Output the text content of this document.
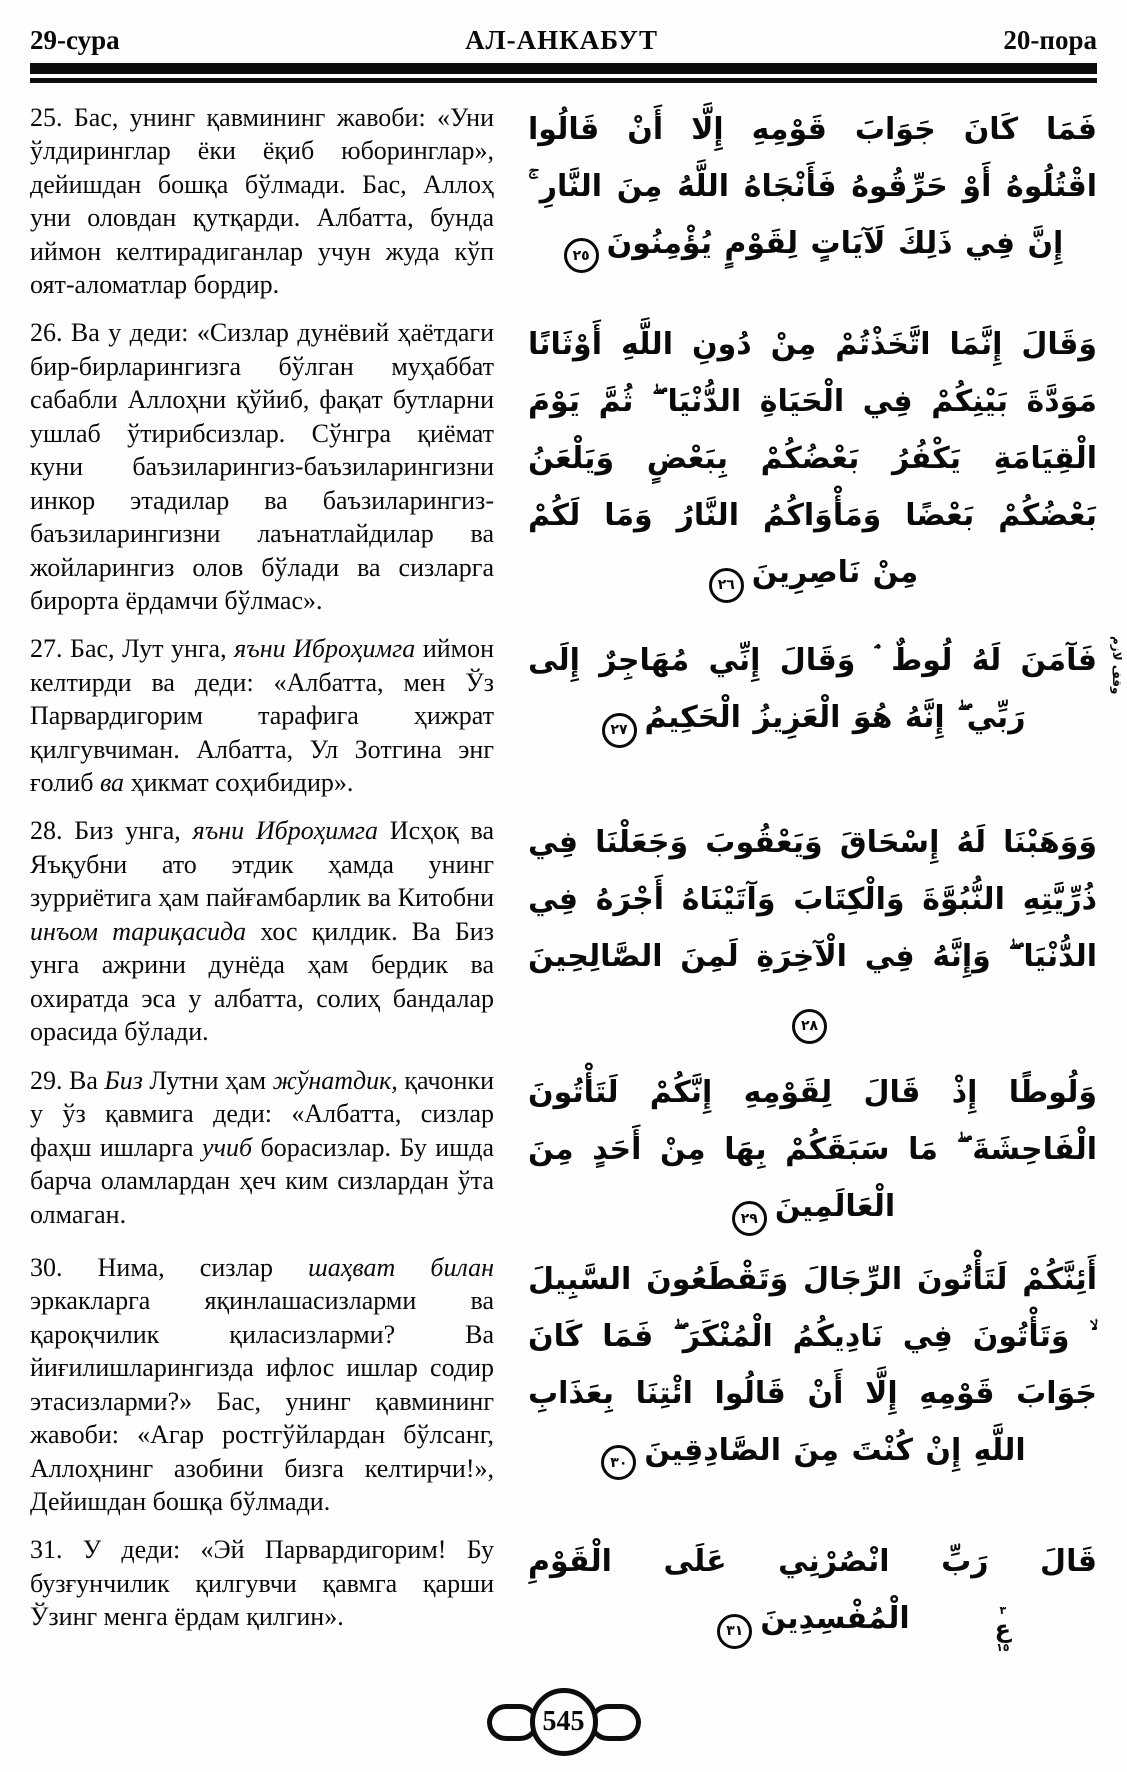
29-сура	АЛ-АНКАБУТ	20-пора

25. Бас, унинг қавмининг жавоби: «Уни ўлдиринглар ёки ёқиб юборинглар», дейишдан бошқа бўлмади. Бас, Аллоҳ уни оловдан қутқарди. Албатта, бунда иймон келтирадиганлар учун жуда кўп оят-аломатлар бордир.

فَمَا كَانَ جَوَابَ قَوْمِهِ إِلَّا أَنْ قَالُوا اقْتُلُوهُ أَوْ حَرِّقُوهُ فَأَنْجَاهُ اللَّهُ مِنَ النَّارِ ۚ إِنَّ فِي ذَلِكَ لَآيَاتٍ لِقَوْمٍ يُؤْمِنُونَ٢٥

26. Ва у деди: «Сизлар дунёвий ҳаётдаги бир-бирларингизга бўлган муҳаббат сабабли Аллоҳни қўйиб, фақат бутларни ушлаб ўтирибсизлар. Сўнгра қиёмат куни баъзиларингиз-баъзиларингизни инкор этадилар ва баъзиларингиз-баъзиларингизни лаънатлайдилар ва жойларингиз олов бўлади ва сизларга бирорта ёрдамчи бўлмас».

وَقَالَ إِنَّمَا اتَّخَذْتُمْ مِنْ دُونِ اللَّهِ أَوْثَانًا مَوَدَّةَ بَيْنِكُمْ فِي الْحَيَاةِ الدُّنْيَا ۖ ثُمَّ يَوْمَ الْقِيَامَةِ يَكْفُرُ بَعْضُكُمْ بِبَعْضٍ وَيَلْعَنُ بَعْضُكُمْ بَعْضًا وَمَأْوَاكُمُ النَّارُ وَمَا لَكُمْ مِنْ نَاصِرِينَ٢٦

27. Бас, Лут унга, яъни Иброҳимга иймон келтирди ва деди: «Албатта, мен Ўз Парвардигорим тарафига ҳижрат қилгувчиман. Албатта, Ул Зотгина энг ғолиб ва ҳикмат соҳибидир».

وقف لازم

فَآمَنَ لَهُ لُوطٌ ۘ وَقَالَ إِنِّي مُهَاجِرٌ إِلَى رَبِّي ۖ إِنَّهُ هُوَ الْعَزِيزُ الْحَكِيمُ٢٧

28. Биз унга, яъни Иброҳимга Исҳоқ ва Яъқубни ато этдик ҳамда унинг зурриётига ҳам пайғамбарлик ва Китобни инъом тариқасида хос қилдик. Ва Биз унга ажрини дунёда ҳам бердик ва охиратда эса у албатта, солиҳ бандалар орасида бўлади.

وَوَهَبْنَا لَهُ إِسْحَاقَ وَيَعْقُوبَ وَجَعَلْنَا فِي ذُرِّيَّتِهِ النُّبُوَّةَ وَالْكِتَابَ وَآتَيْنَاهُ أَجْرَهُ فِي الدُّنْيَا ۖ وَإِنَّهُ فِي الْآخِرَةِ لَمِنَ الصَّالِحِينَ٢٨

29. Ва Биз Лутни ҳам жўнатдик, қачонки у ўз қавмига деди: «Албатта, сизлар фаҳш ишларга учиб борасизлар. Бу ишда барча оламлардан ҳеч ким сизлардан ўта олмаган.

وَلُوطًا إِذْ قَالَ لِقَوْمِهِ إِنَّكُمْ لَتَأْتُونَ الْفَاحِشَةَ ۖ مَا سَبَقَكُمْ بِهَا مِنْ أَحَدٍ مِنَ الْعَالَمِينَ٢٩

30. Нима, сизлар шаҳват билан эркакларга яқинлашасизларми ва қароқчилик қиласизларми? Ва йиғилишларингизда ифлос ишлар содир этасизларми?» Бас, унинг қавмининг жавоби: «Агар ростгўйлардан бўлсанг, Аллоҳнинг азобини бизга келтирчи!», Дейишдан бошқа бўлмади.

أَئِنَّكُمْ لَتَأْتُونَ الرِّجَالَ وَتَقْطَعُونَ السَّبِيلَ ۙ وَتَأْتُونَ فِي نَادِيكُمُ الْمُنْكَرَ ۖ فَمَا كَانَ جَوَابَ قَوْمِهِ إِلَّا أَنْ قَالُوا ائْتِنَا بِعَذَابِ اللَّهِ إِنْ كُنْتَ مِنَ الصَّادِقِينَ٣٠

31. У деди: «Эй Парвардигорим! Бу бузғунчилик қилгувчи қавмга қарши Ўзинг менга ёрдам қилгин».

قَالَ رَبِّ انْصُرْنِي عَلَى الْقَوْمِ الْمُفْسِدِينَ٣١

٣
ع
١٥
545
